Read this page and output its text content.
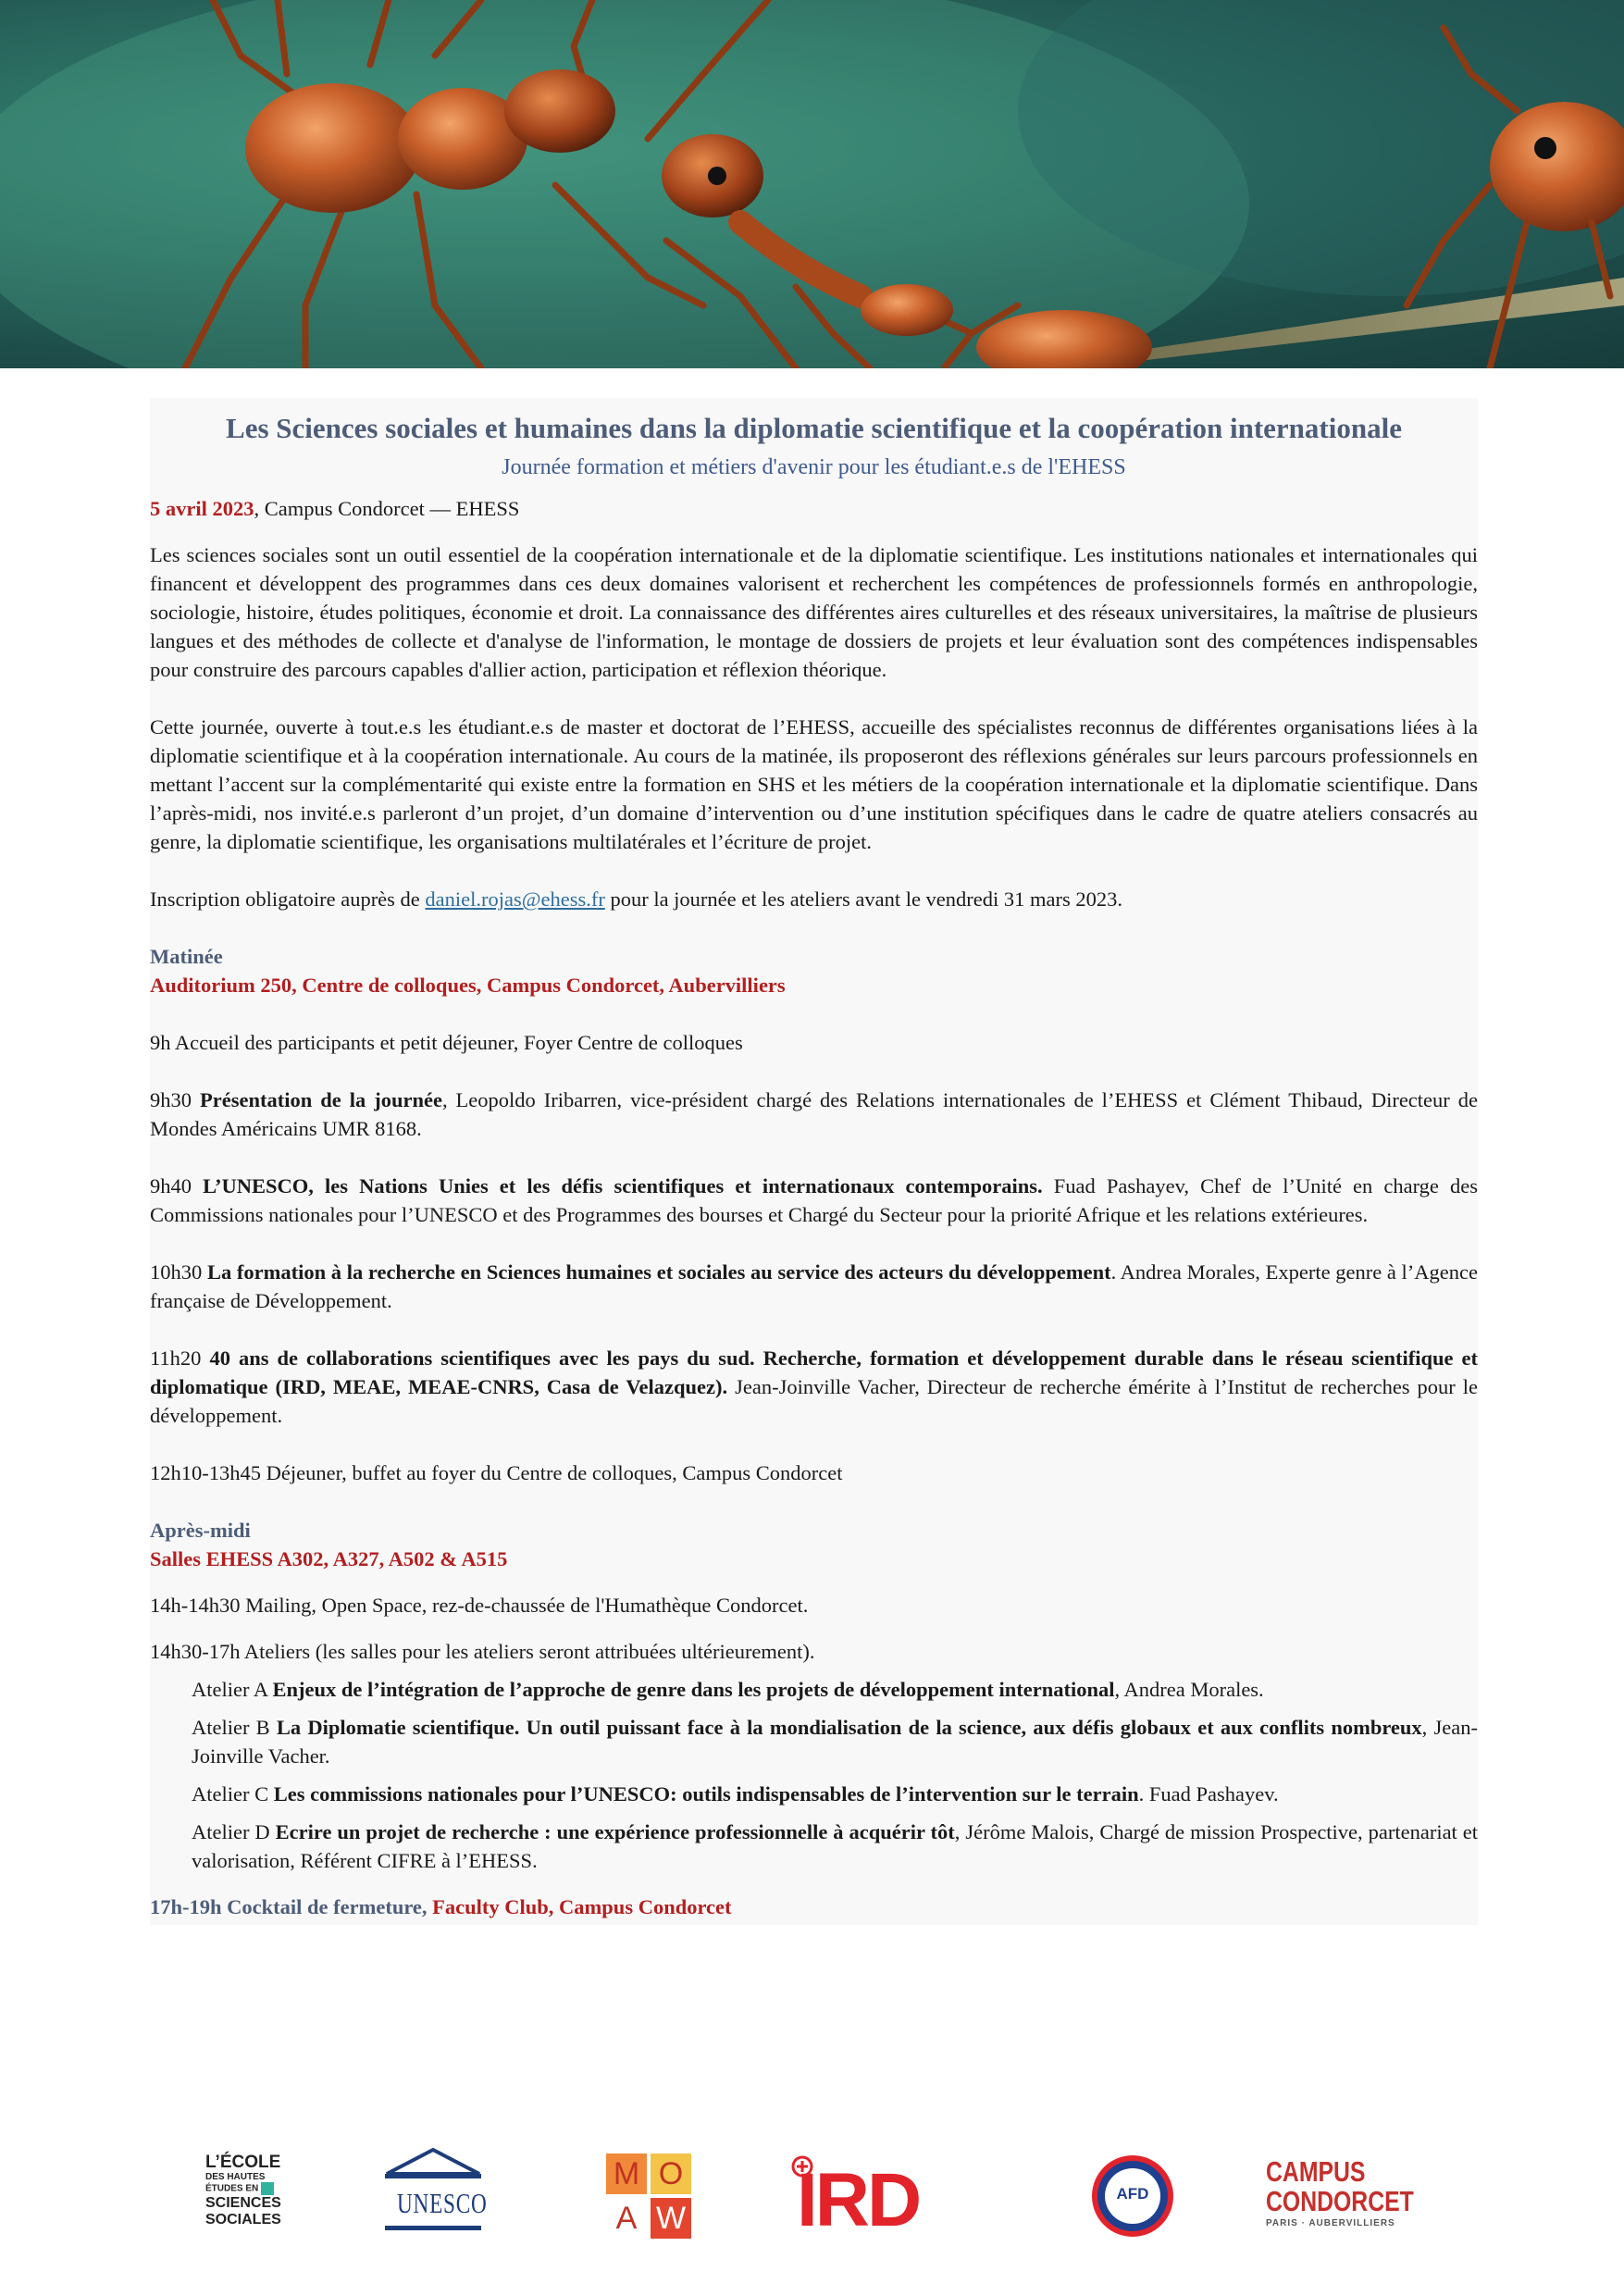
Les Sciences sociales et humaines dans la diplomatie scientifique et la coopération internationale

Journée formation et métiers d'avenir pour les étudiant.e.s de l'EHESS

5 avril 2023, Campus Condorcet — EHESS

Les sciences sociales sont un outil essentiel de la coopération internationale et de la diplomatie scientifique. Les institutions nationales et internationales qui financent et développent des programmes dans ces deux domaines valorisent et recherchent les compétences de professionnels formés en anthropologie, sociologie, histoire, études politiques, économie et droit. La connaissance des différentes aires culturelles et des réseaux universitaires, la maîtrise de plusieurs langues et des méthodes de collecte et d'analyse de l'information, le montage de dossiers de projets et leur évaluation sont des compétences indispensables pour construire des parcours capables d'allier action, participation et réflexion théorique.

Cette journée, ouverte à tout.e.s les étudiant.e.s de master et doctorat de l’EHESS, accueille des spécialistes reconnus de différentes organisations liées à la diplomatie scientifique et à la coopération internationale. Au cours de la matinée, ils proposeront des réflexions générales sur leurs parcours professionnels en mettant l’accent sur la complémentarité qui existe entre la formation en SHS et les métiers de la coopération internationale et la diplomatie scientifique. Dans l’après-midi, nos invité.e.s parleront d’un projet, d’un domaine d’intervention ou d’une institution spécifiques dans le cadre de quatre ateliers consacrés au genre, la diplomatie scientifique, les organisations multilatérales et l’écriture de projet.

Inscription obligatoire auprès de daniel.rojas@ehess.fr pour la journée et les ateliers avant le vendredi 31 mars 2023.

Matinée

Auditorium 250, Centre de colloques, Campus Condorcet, Aubervilliers

9h Accueil des participants et petit déjeuner, Foyer Centre de colloques

9h30 Présentation de la journée, Leopoldo Iribarren, vice-président chargé des Relations internationales de l’EHESS et Clément Thibaud, Directeur de Mondes Américains UMR 8168.

9h40 L’UNESCO, les Nations Unies et les défis scientifiques et internationaux contemporains. Fuad Pashayev, Chef de l’Unité en charge des Commissions nationales pour l’UNESCO et des Programmes des bourses et Chargé du Secteur pour la priorité Afrique et les relations extérieures.

10h30 La formation à la recherche en Sciences humaines et sociales au service des acteurs du développement. Andrea Morales, Experte genre à l’Agence française de Développement.

11h20 40 ans de collaborations scientifiques avec les pays du sud. Recherche, formation et développement durable dans le réseau scientifique et diplomatique (IRD, MEAE, MEAE-CNRS, Casa de Velazquez). Jean-Joinville Vacher, Directeur de recherche émérite à l’Institut de recherches pour le développement.

12h10-13h45 Déjeuner, buffet au foyer du Centre de colloques, Campus Condorcet

Après-midi

Salles EHESS A302, A327, A502 & A515

14h-14h30 Mailing, Open Space, rez-de-chaussée de l'Humathèque Condorcet.

14h30-17h Ateliers (les salles pour les ateliers seront attribuées ultérieurement).

Atelier A Enjeux de l’intégration de l’approche de genre dans les projets de développement international, Andrea Morales.

Atelier B La Diplomatie scientifique. Un outil puissant face à la mondialisation de la science, aux défis globaux et aux conflits nombreux, Jean-Joinville Vacher.

Atelier C Les commissions nationales pour l’UNESCO: outils indispensables de l’intervention sur le terrain. Fuad Pashayev.

Atelier D Ecrire un projet de recherche : une expérience professionnelle à acquérir tôt, Jérôme Malois, Chargé de mission Prospective, partenariat et valorisation, Référent CIFRE à l’EHESS.

17h-19h Cocktail de fermeture, Faculty Club, Campus Condorcet

L’ÉCOLE
DES HAUTES
ÉTUDES EN
SCIENCES
SOCIALES
UNESCO
M O
A W IRD	AFD
CAMPUS
CONDORCET
PARIS · AUBERVILLIERS
